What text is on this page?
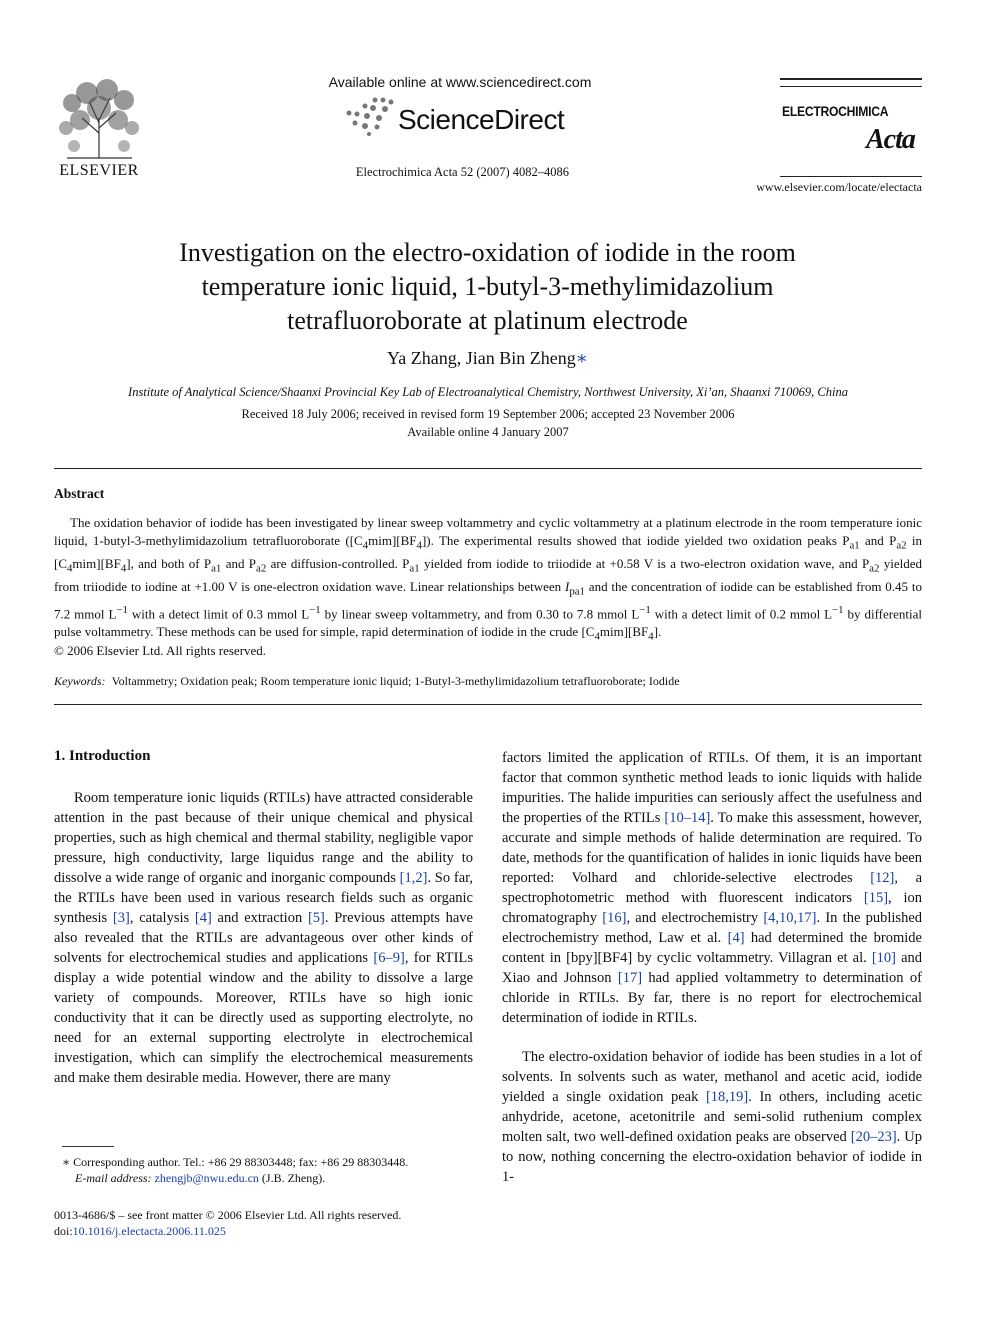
ELSEVIER
Available online at www.sciencedirect.com
ScienceDirect
Electrochimica Acta 52 (2007) 4082–4086
ELECTROCHIMICA
Acta
www.elsevier.com/locate/electacta
Investigation on the electro-oxidation of iodide in the room temperature ionic liquid, 1-butyl-3-methylimidazolium tetrafluoroborate at platinum electrode
Ya Zhang, Jian Bin Zheng∗
Institute of Analytical Science/Shaanxi Provincial Key Lab of Electroanalytical Chemistry, Northwest University, Xi’an, Shaanxi 710069, China
Received 18 July 2006; received in revised form 19 September 2006; accepted 23 November 2006
Available online 4 January 2007
Abstract
The oxidation behavior of iodide has been investigated by linear sweep voltammetry and cyclic voltammetry at a platinum electrode in the room temperature ionic liquid, 1-butyl-3-methylimidazolium tetrafluoroborate $([C_4mim][BF_4])$. The experimental results showed that iodide yielded two oxidation peaks $P_{a1}$ and $P_{a2}$ in $[C_4mim][BF_4]$, and both of $P_{a1}$ and $P_{a2}$ are diffusion-controlled. $P_{a1}$ yielded from iodide to triiodide at +0.58 V is a two-electron oxidation wave, and $P_{a2}$ yielded from triiodide to iodine at +1.00 V is one-electron oxidation wave. Linear relationships between $I_{pa1}$ and the concentration of iodide can be established from 0.45 to 7.2 mmol $L^{-1}$ with a detect limit of 0.3 mmol $L^{-1}$ by linear sweep voltammetry, and from 0.30 to 7.8 mmol $L^{-1}$ with a detect limit of 0.2 mmol $L^{-1}$ by differential pulse voltammetry. These methods can be used for simple, rapid determination of iodide in the crude $[C_4mim][BF_4]$.
© 2006 Elsevier Ltd. All rights reserved.
Keywords: Voltammetry; Oxidation peak; Room temperature ionic liquid; 1-Butyl-3-methylimidazolium tetrafluoroborate; Iodide
1. Introduction
Room temperature ionic liquids (RTILs) have attracted considerable attention in the past because of their unique chemical and physical properties, such as high chemical and thermal stability, negligible vapor pressure, high conductivity, large liquidus range and the ability to dissolve a wide range of organic and inorganic compounds [1,2]. So far, the RTILs have been used in various research fields such as organic synthesis [3], catalysis [4] and extraction [5]. Previous attempts have also revealed that the RTILs are advantageous over other kinds of solvents for electrochemical studies and applications [6–9], for RTILs display a wide potential window and the ability to dissolve a large variety of compounds. Moreover, RTILs have so high ionic conductivity that it can be directly used as supporting electrolyte, no need for an external supporting electrolyte in electrochemical investigation, which can simplify the electrochemical measurements and make them desirable media. However, there are many
factors limited the application of RTILs. Of them, it is an important factor that common synthetic method leads to ionic liquids with halide impurities. The halide impurities can seriously affect the usefulness and the properties of the RTILs [10–14]. To make this assessment, however, accurate and simple methods of halide determination are required. To date, methods for the quantification of halides in ionic liquids have been reported: Volhard and chloride-selective electrodes [12], a spectrophotometric method with fluorescent indicators [15], ion chromatography [16], and electrochemistry [4,10,17]. In the published electrochemistry method, Law et al. [4] had determined the bromide content in [bpy][BF4] by cyclic voltammetry. Villagran et al. [10] and Xiao and Johnson [17] had applied voltammetry to determination of chloride in RTILs. By far, there is no report for electrochemical determination of iodide in RTILs.
The electro-oxidation behavior of iodide has been studies in a lot of solvents. In solvents such as water, methanol and acetic acid, iodide yielded a single oxidation peak [18,19]. In others, including acetic anhydride, acetone, acetonitrile and semi-solid ruthenium complex molten salt, two well-defined oxidation peaks are observed [20–23]. Up to now, nothing concerning the electro-oxidation behavior of iodide in 1-
∗ Corresponding author. Tel.: +86 29 88303448; fax: +86 29 88303448.
E-mail address: zhengjb@nwu.edu.cn (J.B. Zheng).
0013-4686/$ – see front matter © 2006 Elsevier Ltd. All rights reserved.
doi:10.1016/j.electacta.2006.11.025
